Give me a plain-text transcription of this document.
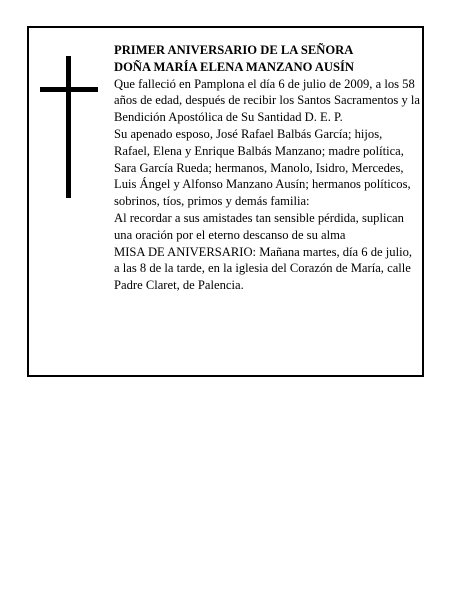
PRIMER ANIVERSARIO DE LA SEÑORA

DOÑA MARÍA ELENA MANZANO AUSÍN

Que falleció en Pamplona el día 6 de julio de 2009, a los 58 años de edad, después de recibir los Santos Sacramentos y la Bendición Apostólica de Su Santidad D. E. P.

Su apenado esposo, José Rafael Balbás García; hijos, Rafael, Elena y Enrique Balbás Manzano; madre política, Sara García Rueda; hermanos, Manolo, Isidro, Mercedes, Luis Ángel y Alfonso Manzano Ausín; hermanos políticos, sobrinos, tíos, primos y demás familia:

Al recordar a sus amistades tan sensible pérdida, suplican una oración por el eterno descanso de su alma

MISA DE ANIVERSARIO: Mañana martes, día 6 de julio, a las 8 de la tarde, en la iglesia del Corazón de María, calle Padre Claret, de Palencia.
